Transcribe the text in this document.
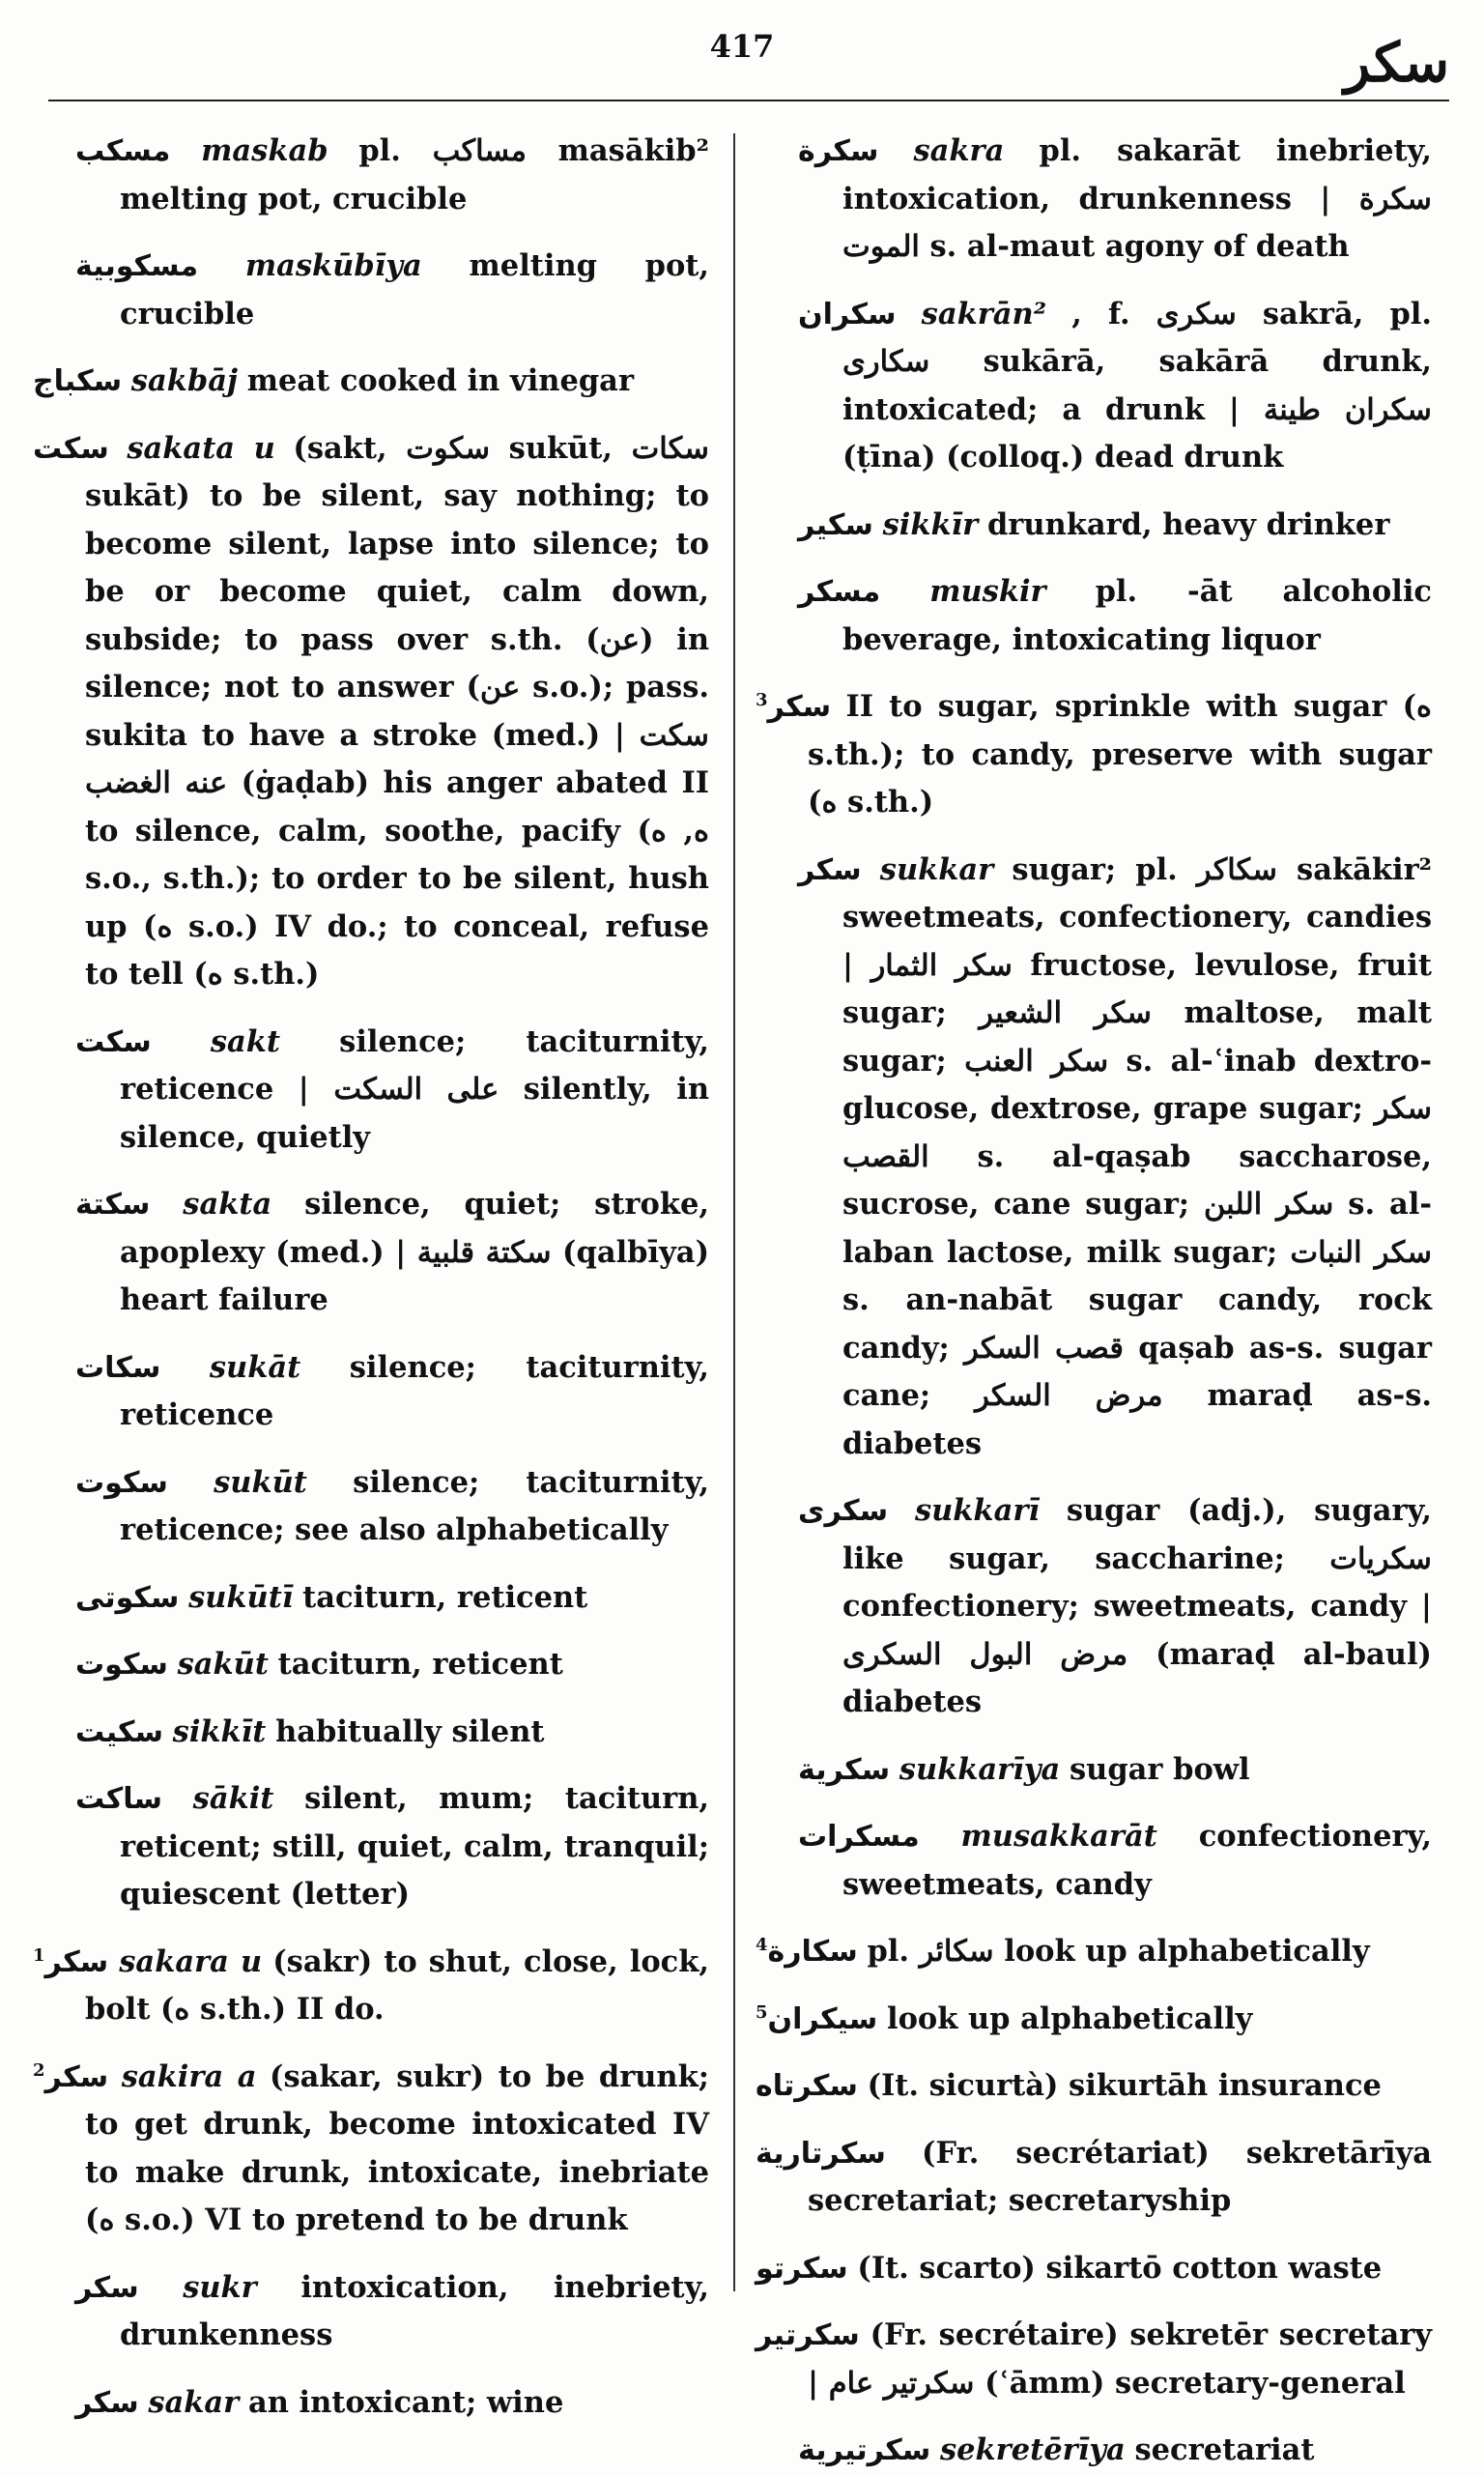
417	سكر
مسكب maskab pl. مساكب masākib² melting pot, crucible
مسكوبية maskūbīya melting pot, crucible
سكباج sakbāj meat cooked in vinegar
سكت sakata u (sakt, سكوت sukūt, سكات sukāt) to be silent, say nothing; to become silent, lapse into silence; to be or become quiet, calm down, subside; to pass over s.th. (عن) in silence; not to answer (عن s.o.); pass. sukita to have a stroke (med.) | سكت عنه الغضب (ġaḍab) his anger abated II to silence, calm, soothe, pacify (ه, ه s.o., s.th.); to order to be silent, hush up (ه s.o.) IV do.; to conceal, refuse to tell (ه s.th.)
سكت sakt silence; taciturnity, reticence | على السكت silently, in silence, quietly
سكتة sakta silence, quiet; stroke, apoplexy (med.) | سكتة قلبية (qalbīya) heart failure
سكات sukāt silence; taciturnity, reticence
سكوت sukūt silence; taciturnity, reticence; see also alphabetically
سكوتى sukūtī taciturn, reticent
سكوت sakūt taciturn, reticent
سكيت sikkīt habitually silent
ساكت sākit silent, mum; taciturn, reticent; still, quiet, calm, tranquil; quiescent (letter)
$^1$سكر sakara u (sakr) to shut, close, lock, bolt (ه s.th.) II do.
$^2$سكر sakira a (sakar, sukr) to be drunk; to get drunk, become intoxicated IV to make drunk, intoxicate, inebriate (ه s.o.) VI to pretend to be drunk
سكر sukr intoxication, inebriety, drunkenness
سكر sakar an intoxicant; wine
سكرة sakra pl. sakarāt inebriety, intoxication, drunkenness | سكرة الموت s. al-maut agony of death
سكران sakrān² , f. سكرى sakrā, pl. سكارى sukārā, sakārā drunk, intoxicated; a drunk | سكران طينة (ṭīna) (colloq.) dead drunk
سكير sikkīr drunkard, heavy drinker
مسكر muskir pl. -āt alcoholic beverage, intoxicating liquor
$^3$سكر II to sugar, sprinkle with sugar (ه s.th.); to candy, preserve with sugar (ه s.th.)
سكر sukkar sugar; pl. سكاكر sakākir² sweetmeats, confectionery, candies | سكر الثمار fructose, levulose, fruit sugar; سكر الشعير maltose, malt sugar; سكر العنب s. al-ʿinab dextro-glucose, dextrose, grape sugar; سكر القصب s. al-qaṣab saccharose, sucrose, cane sugar; سكر اللبن s. al-laban lactose, milk sugar; سكر النبات s. an-nabāt sugar candy, rock candy; قصب السكر qaṣab as-s. sugar cane; مرض السكر maraḍ as-s. diabetes
سكرى sukkarī sugar (adj.), sugary, like sugar, saccharine; سكريات confectionery; sweetmeats, candy | مرض البول السكرى (maraḍ al-baul) diabetes
سكرية sukkarīya sugar bowl
مسكرات musakkarāt confectionery, sweetmeats, candy
$^4$سكارة pl. سكائر look up alphabetically
$^5$سيكران look up alphabetically
سكرتاه (It. sicurtà) sikurtāh insurance
سكرتارية (Fr. secrétariat) sekretārīya secretariat; secretaryship
سكرتو (It. scarto) sikartō cotton waste
سكرتير (Fr. secrétaire) sekretēr secretary | سكرتير عام (ʿāmm) secretary-general
سكرتيرية sekretērīya secretariat
